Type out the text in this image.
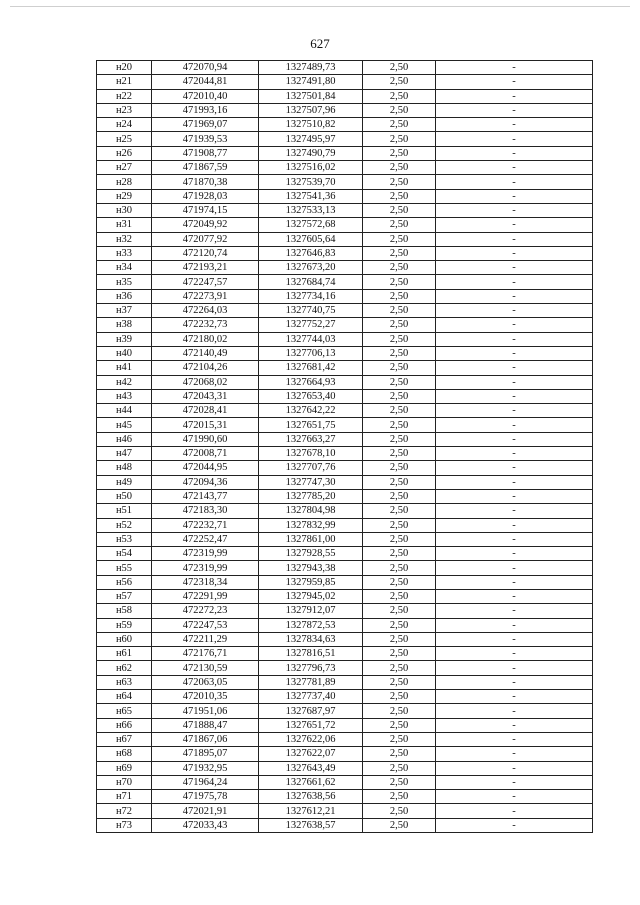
627
н20	472070,94	1327489,73	2,50	-
н21	472044,81	1327491,80	2,50	-
н22	472010,40	1327501,84	2,50	-
н23	471993,16	1327507,96	2,50	-
н24	471969,07	1327510,82	2,50	-
н25	471939,53	1327495,97	2,50	-
н26	471908,77	1327490,79	2,50	-
н27	471867,59	1327516,02	2,50	-
н28	471870,38	1327539,70	2,50	-
н29	471928,03	1327541,36	2,50	-
н30	471974,15	1327533,13	2,50	-
н31	472049,92	1327572,68	2,50	-
н32	472077,92	1327605,64	2,50	-
н33	472120,74	1327646,83	2,50	-
н34	472193,21	1327673,20	2,50	-
н35	472247,57	1327684,74	2,50	-
н36	472273,91	1327734,16	2,50	-
н37	472264,03	1327740,75	2,50	-
н38	472232,73	1327752,27	2,50	-
н39	472180,02	1327744,03	2,50	-
н40	472140,49	1327706,13	2,50	-
н41	472104,26	1327681,42	2,50	-
н42	472068,02	1327664,93	2,50	-
н43	472043,31	1327653,40	2,50	-
н44	472028,41	1327642,22	2,50	-
н45	472015,31	1327651,75	2,50	-
н46	471990,60	1327663,27	2,50	-
н47	472008,71	1327678,10	2,50	-
н48	472044,95	1327707,76	2,50	-
н49	472094,36	1327747,30	2,50	-
н50	472143,77	1327785,20	2,50	-
н51	472183,30	1327804,98	2,50	-
н52	472232,71	1327832,99	2,50	-
н53	472252,47	1327861,00	2,50	-
н54	472319,99	1327928,55	2,50	-
н55	472319,99	1327943,38	2,50	-
н56	472318,34	1327959,85	2,50	-
н57	472291,99	1327945,02	2,50	-
н58	472272,23	1327912,07	2,50	-
н59	472247,53	1327872,53	2,50	-
н60	472211,29	1327834,63	2,50	-
н61	472176,71	1327816,51	2,50	-
н62	472130,59	1327796,73	2,50	-
н63	472063,05	1327781,89	2,50	-
н64	472010,35	1327737,40	2,50	-
н65	471951,06	1327687,97	2,50	-
н66	471888,47	1327651,72	2,50	-
н67	471867,06	1327622,06	2,50	-
н68	471895,07	1327622,07	2,50	-
н69	471932,95	1327643,49	2,50	-
н70	471964,24	1327661,62	2,50	-
н71	471975,78	1327638,56	2,50	-
н72	472021,91	1327612,21	2,50	-
н73	472033,43	1327638,57	2,50	-
